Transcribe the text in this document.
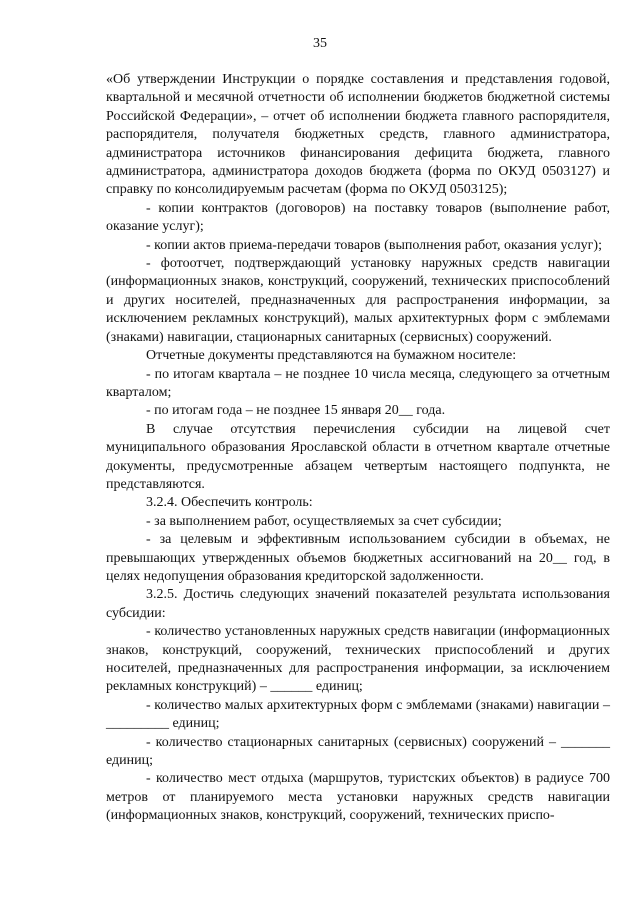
35

«Об утверждении Инструкции о порядке составления и представления годовой, квартальной и месячной отчетности об исполнении бюджетов бюджетной системы Российской Федерации», – отчет об исполнении бюджета главного распорядителя, распорядителя, получателя бюджетных средств, главного администратора, администратора источников финансирования дефицита бюджета, главного администратора, администратора доходов бюджета (форма по ОКУД 0503127) и справку по консолидируемым расчетам (форма по ОКУД 0503125);

- копии контрактов (договоров) на поставку товаров (выполнение работ, оказание услуг);

- копии актов приема-передачи товаров (выполнения работ, оказания услуг);

- фотоотчет, подтверждающий установку наружных средств навигации (информационных знаков, конструкций, сооружений, технических приспособлений и других носителей, предназначенных для распространения информации, за исключением рекламных конструкций), малых архитектурных форм с эмблемами (знаками) навигации, стационарных санитарных (сервисных) сооружений.

Отчетные документы представляются на бумажном носителе:

- по итогам квартала – не позднее 10 числа месяца, следующего за отчетным кварталом;

- по итогам года – не позднее 15 января 20__ года.

В случае отсутствия перечисления субсидии на лицевой счет муниципального образования Ярославской области в отчетном квартале отчетные документы, предусмотренные абзацем четвертым настоящего подпункта, не представляются.

3.2.4. Обеспечить контроль:

- за выполнением работ, осуществляемых за счет субсидии;

- за целевым и эффективным использованием субсидии в объемах, не превышающих утвержденных объемов бюджетных ассигнований на 20__ год, в целях недопущения образования кредиторской задолженности.

3.2.5. Достичь следующих значений показателей результата использования субсидии:

- количество установленных наружных средств навигации (информационных знаков, конструкций, сооружений, технических приспособлений и других носителей, предназначенных для распространения информации, за исключением рекламных конструкций) – ______ единиц;

- количество малых архитектурных форм с эмблемами (знаками) навигации – _________ единиц;

- количество стационарных санитарных (сервисных) сооружений – _______ единиц;

- количество мест отдыха (маршрутов, туристских объектов) в радиусе 700 метров от планируемого места установки наружных средств навигации (информационных знаков, конструкций, сооружений, технических приспо-
